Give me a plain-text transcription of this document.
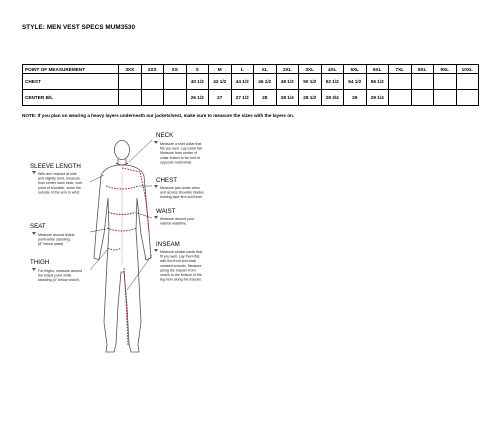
STYLE: MEN VEST SPECS MUM3530
POINT OF MEASUREMENT	3XS	2XS	XS	S	M	L	XL	2XL	3XL	4XL	5XL	6XL	7XL	8XL	9XL	10XL
CHEST				40 1/2	42 1/2	44 1/2	46 1/2	48 1/2	50 1/2	52 1/2	54 1/2	56 1/2				
CENTER B/L				26 1/2	27	27 1/2	28	28 1/4	28 1/2	28 3/4	29	29 1/4				
NOTE: If you plan on wearing a heavy layers underneath our jackets/vest, make sure to measure the sizes with the layers on.
NECK
Measure a shirt collar that fits you well. Lay collar flat. Measure from center of collar button to far end of opposite buttonhole.
CHEST
Measure just under arms and across shoulder blades holding tape firm and level.
WAIST
Measure around your natural waistline.
INSEAM
Measure similar pants that fit you well. Lay them flat, with the front and back creased smooth. Measure along the inseam from crotch to the bottom of the leg hem along the inseam.
SLEEVE LENGTH
With arm relaxed at side and slightly bent, measure from center back neck, over point of shoulder, down the outside of the arm to wrist.
SEAT
Measure around fullest point while standing. (8" below waist)
THIGH
For thighs, measure around the fullest point while standing (4" below crotch)
